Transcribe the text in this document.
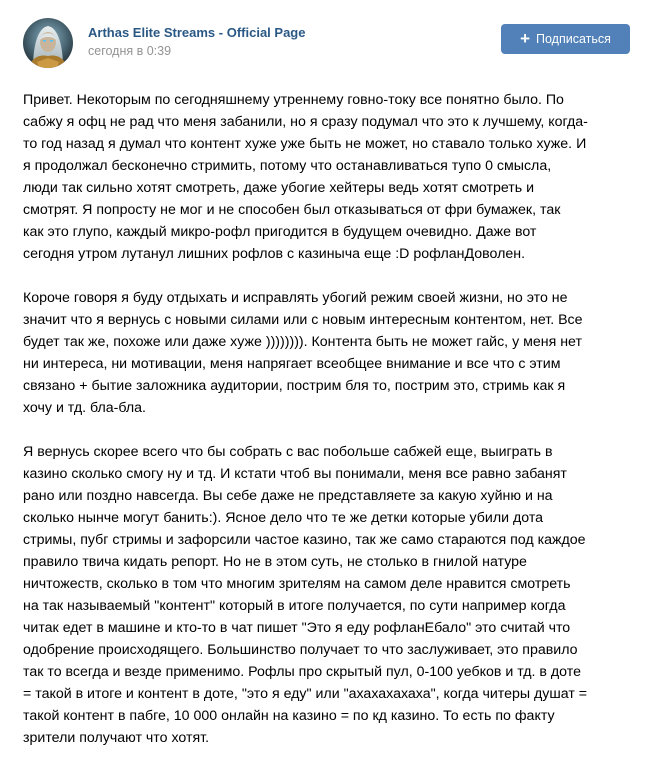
Arthas Elite Streams - Official Page
сегодня в 0:39
+ Подписаться

Привет. Некоторым по сегодняшнему утреннему говно-току все понятно было. По
сабжу я офц не рад что меня забанили, но я сразу подумал что это к лучшему, когда-
то год назад я думал что контент хуже уже быть не может, но ставало только хуже. И
я продолжал бесконечно стримить, потому что останавливаться тупо 0 смысла,
люди так сильно хотят смотреть, даже убогие хейтеры ведь хотят смотреть и
смотрят. Я попросту не мог и не способен был отказываться от фри бумажек, так
как это глупо, каждый микро-рофл пригодится в будущем очевидно. Даже вот
сегодня утром лутанул лишних рофлов с казиныча еще :D рофланДоволен.

Короче говоря я буду отдыхать и исправлять убогий режим своей жизни, но это не
значит что я вернусь с новыми силами или с новым интересным контентом, нет. Все
будет так же, похоже или даже хуже )))))))). Контента быть не может гайс, у меня нет
ни интереса, ни мотивации, меня напрягает всеобщее внимание и все что с этим
связано + бытие заложника аудитории, пострим бля то, пострим это, стримь как я
хочу и тд. бла-бла.

Я вернусь скорее всего что бы собрать с вас побольше сабжей еще, выиграть в
казино сколько смогу ну и тд. И кстати чтоб вы понимали, меня все равно забанят
рано или поздно навсегда. Вы себе даже не представляете за какую хуйню и на
сколько нынче могут банить:). Ясное дело что те же детки которые убили дота
стримы, пубг стримы и зафорсили частое казино, так же само стараются под каждое
правило твича кидать репорт. Но не в этом суть, не столько в гнилой натуре
ничтожеств, сколько в том что многим зрителям на самом деле нравится смотреть
на так называемый "контент" который в итоге получается, по сути например когда
читак едет в машине и кто-то в чат пишет "Это я еду рофланЕбало" это считай что
одобрение происходящего. Большинство получает то что заслуживает, это правило
так то всегда и везде применимо. Рофлы про скрытый пул, 0-100 уебков и тд. в доте
= такой в итоге и контент в доте, "это я еду" или "ахахахахаха", когда читеры душат =
такой контент в пабге, 10 000 онлайн на казино = по кд казино. То есть по факту
зрители получают что хотят.
